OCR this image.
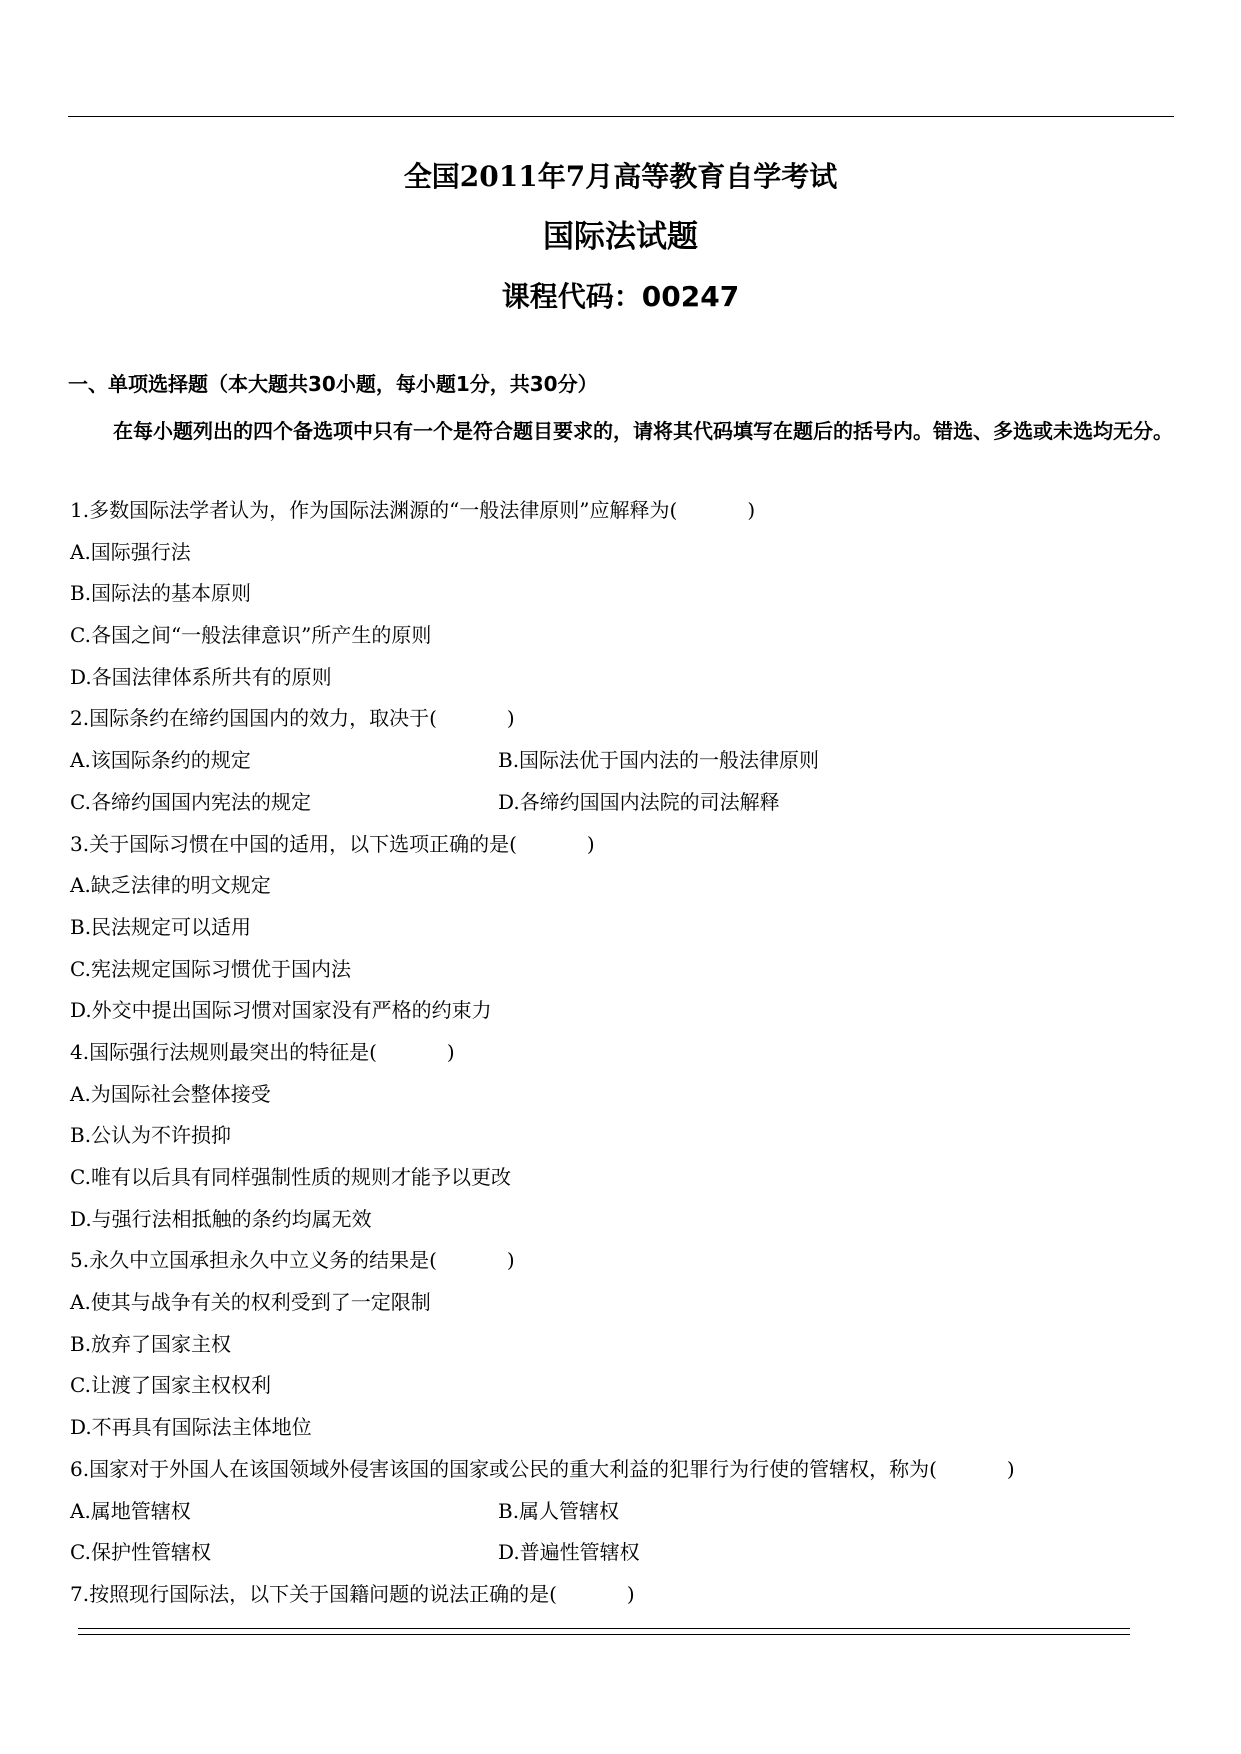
全国2011年7月高等教育自学考试
国际法试题
课程代码：00247
一、单项选择题（本大题共30小题，每小题1分，共30分）

在每小题列出的四个备选项中只有一个是符合题目要求的，请将其代码填写在题后的括号内。错选、多选或未选均无分。

1.多数国际法学者认为，作为国际法渊源的“一般法律原则”应解释为(	)
A.国际强行法
B.国际法的基本原则
C.各国之间“一般法律意识”所产生的原则
D.各国法律体系所共有的原则
2.国际条约在缔约国国内的效力，取决于(	)
A.该国际条约的规定	B.国际法优于国内法的一般法律原则
C.各缔约国国内宪法的规定	D.各缔约国国内法院的司法解释
3.关于国际习惯在中国的适用，以下选项正确的是(	)
A.缺乏法律的明文规定
B.民法规定可以适用
C.宪法规定国际习惯优于国内法
D.外交中提出国际习惯对国家没有严格的约束力
4.国际强行法规则最突出的特征是(	)
A.为国际社会整体接受
B.公认为不许损抑
C.唯有以后具有同样强制性质的规则才能予以更改
D.与强行法相抵触的条约均属无效
5.永久中立国承担永久中立义务的结果是(	)
A.使其与战争有关的权利受到了一定限制
B.放弃了国家主权
C.让渡了国家主权权利
D.不再具有国际法主体地位
6.国家对于外国人在该国领域外侵害该国的国家或公民的重大利益的犯罪行为行使的管辖权，称为(	)
A.属地管辖权	B.属人管辖权
C.保护性管辖权	D.普遍性管辖权
7.按照现行国际法，以下关于国籍问题的说法正确的是(	)
